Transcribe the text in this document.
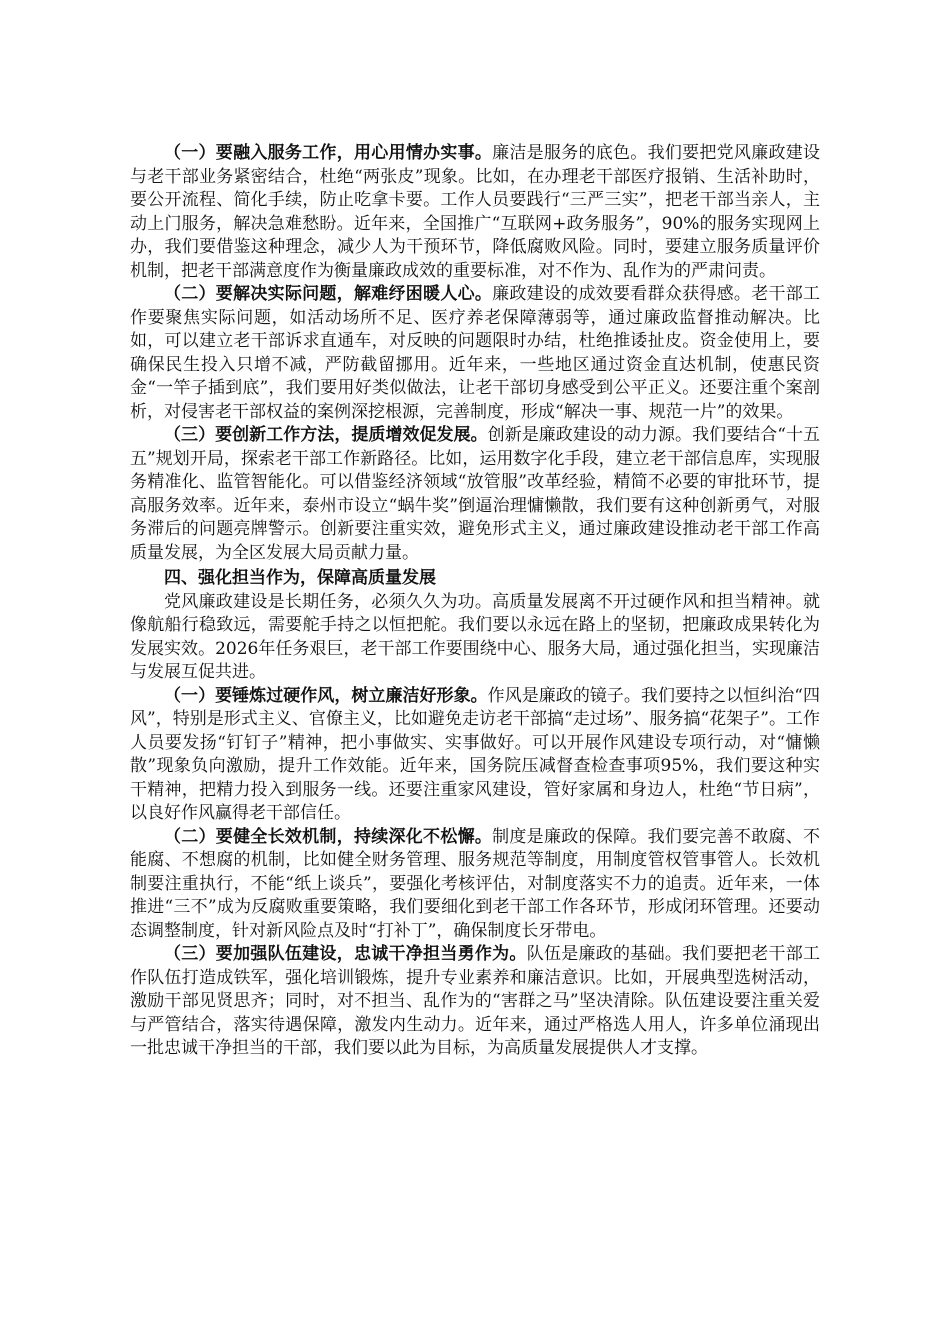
（一）要融入服务工作，用心用情办实事。廉洁是服务的底色。我们要把党风廉政建设与老干部业务紧密结合，杜绝“两张皮”现象。比如，在办理老干部医疗报销、生活补助时，要公开流程、简化手续，防止吃拿卡要。工作人员要践行“三严三实”，把老干部当亲人，主动上门服务，解决急难愁盼。近年来，全国推广“互联网+政务服务”，90%的服务实现网上办，我们要借鉴这种理念，减少人为干预环节，降低腐败风险。同时，要建立服务质量评价机制，把老干部满意度作为衡量廉政成效的重要标准，对不作为、乱作为的严肃问责。

（二）要解决实际问题，解难纾困暖人心。廉政建设的成效要看群众获得感。老干部工作要聚焦实际问题，如活动场所不足、医疗养老保障薄弱等，通过廉政监督推动解决。比如，可以建立老干部诉求直通车，对反映的问题限时办结，杜绝推诿扯皮。资金使用上，要确保民生投入只增不减，严防截留挪用。近年来，一些地区通过资金直达机制，使惠民资金“一竿子插到底”，我们要用好类似做法，让老干部切身感受到公平正义。还要注重个案剖析，对侵害老干部权益的案例深挖根源，完善制度，形成“解决一事、规范一片”的效果。

（三）要创新工作方法，提质增效促发展。创新是廉政建设的动力源。我们要结合“十五五”规划开局，探索老干部工作新路径。比如，运用数字化手段，建立老干部信息库，实现服务精准化、监管智能化。可以借鉴经济领域“放管服”改革经验，精简不必要的审批环节，提高服务效率。近年来，泰州市设立“蜗牛奖”倒逼治理慵懒散，我们要有这种创新勇气，对服务滞后的问题亮牌警示。创新要注重实效，避免形式主义，通过廉政建设推动老干部工作高质量发展，为全区发展大局贡献力量。

四、强化担当作为，保障高质量发展

党风廉政建设是长期任务，必须久久为功。高质量发展离不开过硬作风和担当精神。就像航船行稳致远，需要舵手持之以恒把舵。我们要以永远在路上的坚韧，把廉政成果转化为发展实效。2026年任务艰巨，老干部工作要围绕中心、服务大局，通过强化担当，实现廉洁与发展互促共进。

（一）要锤炼过硬作风，树立廉洁好形象。作风是廉政的镜子。我们要持之以恒纠治“四风”，特别是形式主义、官僚主义，比如避免走访老干部搞“走过场”、服务搞“花架子”。工作人员要发扬“钉钉子”精神，把小事做实、实事做好。可以开展作风建设专项行动，对“慵懒散”现象负向激励，提升工作效能。近年来，国务院压减督查检查事项95%，我们要这种实干精神，把精力投入到服务一线。还要注重家风建设，管好家属和身边人，杜绝“节日病”，以良好作风赢得老干部信任。

（二）要健全长效机制，持续深化不松懈。制度是廉政的保障。我们要完善不敢腐、不能腐、不想腐的机制，比如健全财务管理、服务规范等制度，用制度管权管事管人。长效机制要注重执行，不能“纸上谈兵”，要强化考核评估，对制度落实不力的追责。近年来，一体推进“三不”成为反腐败重要策略，我们要细化到老干部工作各环节，形成闭环管理。还要动态调整制度，针对新风险点及时“打补丁”，确保制度长牙带电。

（三）要加强队伍建设，忠诚干净担当勇作为。队伍是廉政的基础。我们要把老干部工作队伍打造成铁军，强化培训锻炼，提升专业素养和廉洁意识。比如，开展典型选树活动，激励干部见贤思齐；同时，对不担当、乱作为的“害群之马”坚决清除。队伍建设要注重关爱与严管结合，落实待遇保障，激发内生动力。近年来，通过严格选人用人，许多单位涌现出一批忠诚干净担当的干部，我们要以此为目标，为高质量发展提供人才支撑。
